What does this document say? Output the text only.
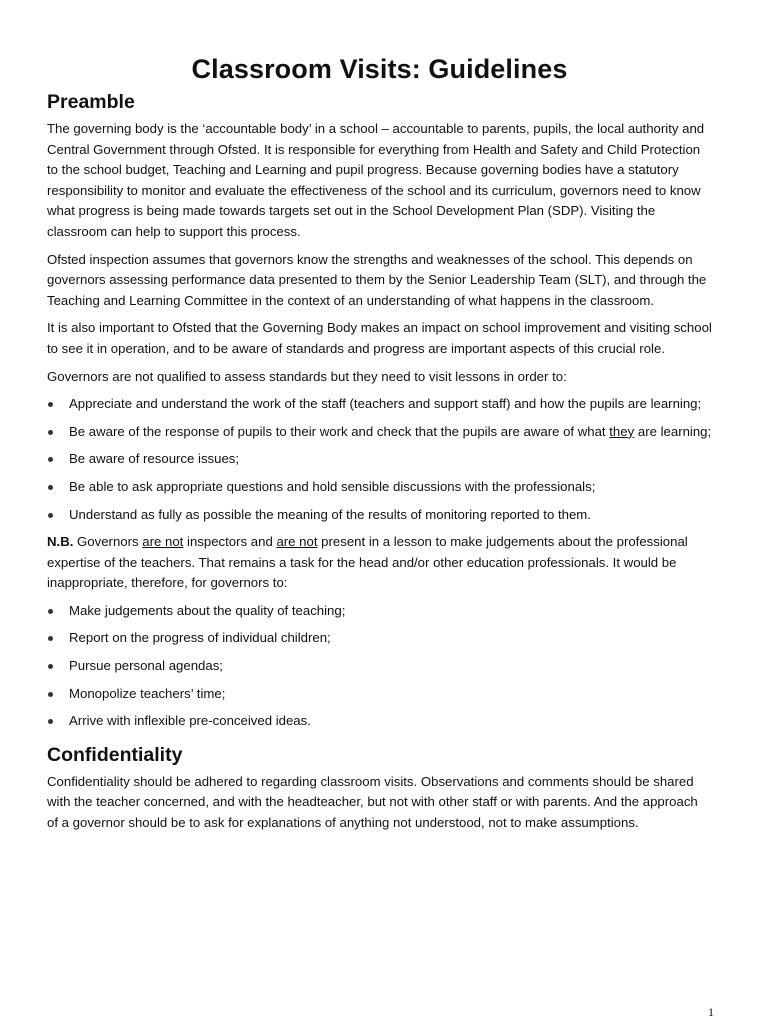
Classroom Visits: Guidelines
Preamble

The governing body is the ‘accountable body’ in a school – accountable to parents, pupils, the local authority and Central Government through Ofsted. It is responsible for everything from Health and Safety and Child Protection to the school budget, Teaching and Learning and pupil progress. Because governing bodies have a statutory responsibility to monitor and evaluate the effectiveness of the school and its curriculum, governors need to know what progress is being made towards targets set out in the School Development Plan (SDP). Visiting the classroom can help to support this process.

Ofsted inspection assumes that governors know the strengths and weaknesses of the school. This depends on governors assessing performance data presented to them by the Senior Leadership Team (SLT), and through the Teaching and Learning Committee in the context of an understanding of what happens in the classroom.

It is also important to Ofsted that the Governing Body makes an impact on school improvement and visiting school to see it in operation, and to be aware of standards and progress are important aspects of this crucial role.

Governors are not qualified to assess standards but they need to visit lessons in order to:

Appreciate and understand the work of the staff (teachers and support staff) and how the pupils are learning;
Be aware of the response of pupils to their work and check that the pupils are aware of what they are learning;
Be aware of resource issues;
Be able to ask appropriate questions and hold sensible discussions with the professionals;
Understand as fully as possible the meaning of the results of monitoring reported to them.

N.B. Governors are not inspectors and are not present in a lesson to make judgements about the professional expertise of the teachers. That remains a task for the head and/or other education professionals. It would be inappropriate, therefore, for governors to:

Make judgements about the quality of teaching;
Report on the progress of individual children;
Pursue personal agendas;
Monopolize teachers’ time;
Arrive with inflexible pre-conceived ideas.
Confidentiality

Confidentiality should be adhered to regarding classroom visits. Observations and comments should be shared with the teacher concerned, and with the headteacher, but not with other staff or with parents. And the approach of a governor should be to ask for explanations of anything not understood, not to make assumptions.

1
